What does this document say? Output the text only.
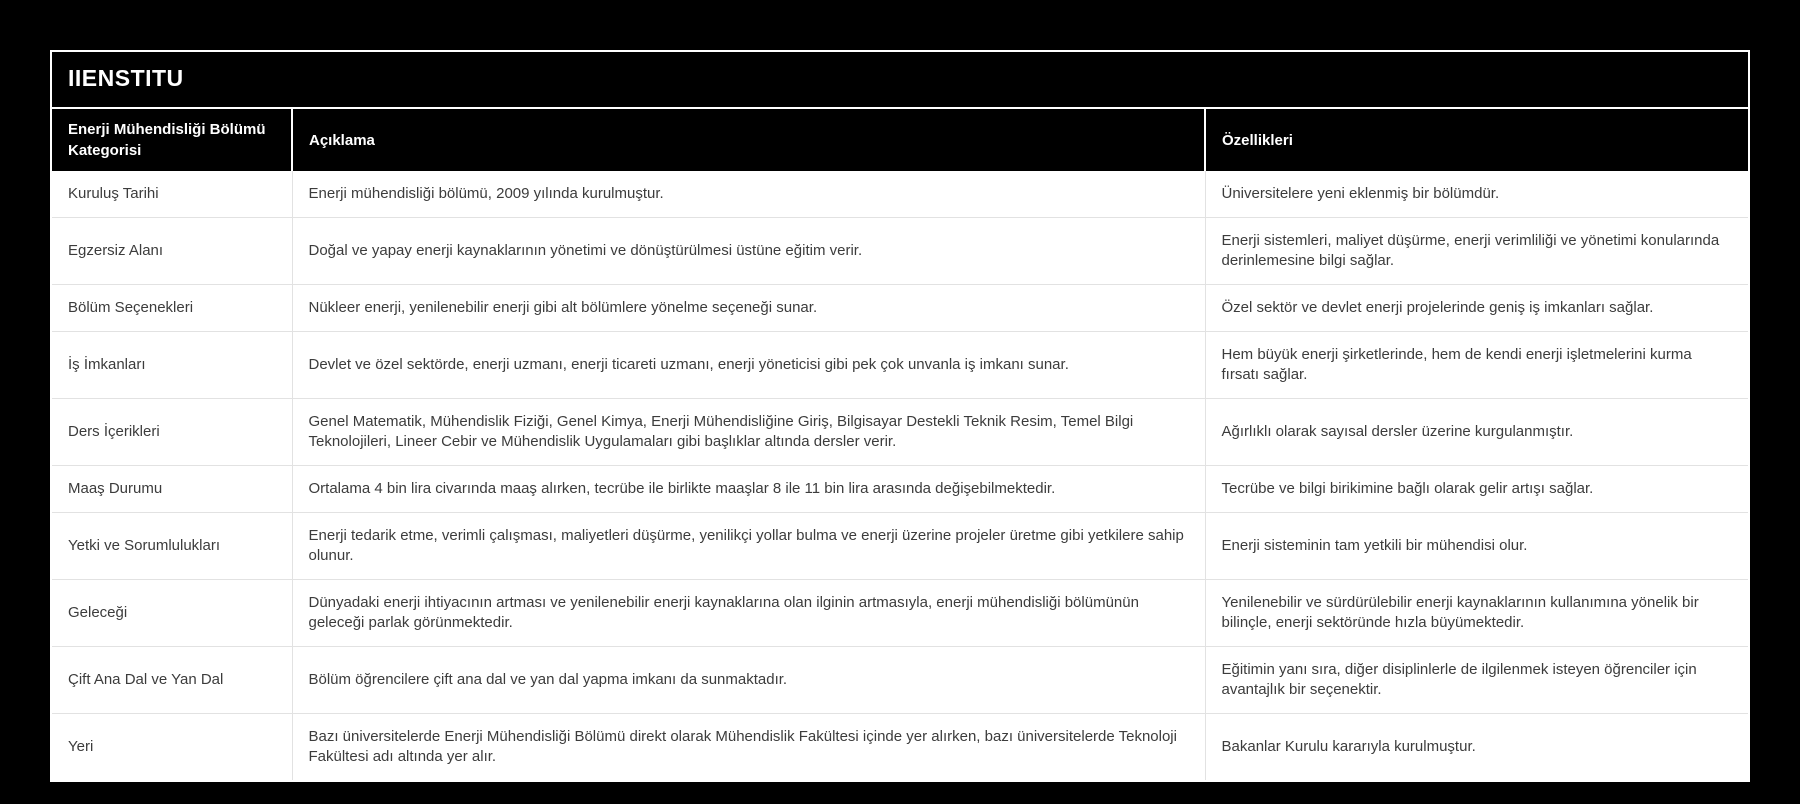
IIENSTITU
Enerji Mühendisliği Bölümü Kategorisi	Açıklama	Özellikleri
Kuruluş Tarihi	Enerji mühendisliği bölümü, 2009 yılında kurulmuştur.	Üniversitelere yeni eklenmiş bir bölümdür.
Egzersiz Alanı	Doğal ve yapay enerji kaynaklarının yönetimi ve dönüştürülmesi üstüne eğitim verir.	Enerji sistemleri, maliyet düşürme, enerji verimliliği ve yönetimi konularında derinlemesine bilgi sağlar.
Bölüm Seçenekleri	Nükleer enerji, yenilenebilir enerji gibi alt bölümlere yönelme seçeneği sunar.	Özel sektör ve devlet enerji projelerinde geniş iş imkanları sağlar.
İş İmkanları	Devlet ve özel sektörde, enerji uzmanı, enerji ticareti uzmanı, enerji yöneticisi gibi pek çok unvanla iş imkanı sunar.	Hem büyük enerji şirketlerinde, hem de kendi enerji işletmelerini kurma fırsatı sağlar.
Ders İçerikleri	Genel Matematik, Mühendislik Fiziği, Genel Kimya, Enerji Mühendisliğine Giriş, Bilgisayar Destekli Teknik Resim, Temel Bilgi Teknolojileri, Lineer Cebir ve Mühendislik Uygulamaları gibi başlıklar altında dersler verir.	Ağırlıklı olarak sayısal dersler üzerine kurgulanmıştır.
Maaş Durumu	Ortalama 4 bin lira civarında maaş alırken, tecrübe ile birlikte maaşlar 8 ile 11 bin lira arasında değişebilmektedir.	Tecrübe ve bilgi birikimine bağlı olarak gelir artışı sağlar.
Yetki ve Sorumlulukları	Enerji tedarik etme, verimli çalışması, maliyetleri düşürme, yenilikçi yollar bulma ve enerji üzerine projeler üretme gibi yetkilere sahip olunur.	Enerji sisteminin tam yetkili bir mühendisi olur.
Geleceği	Dünyadaki enerji ihtiyacının artması ve yenilenebilir enerji kaynaklarına olan ilginin artmasıyla, enerji mühendisliği bölümünün geleceği parlak görünmektedir.	Yenilenebilir ve sürdürülebilir enerji kaynaklarının kullanımına yönelik bir bilinçle, enerji sektöründe hızla büyümektedir.
Çift Ana Dal ve Yan Dal	Bölüm öğrencilere çift ana dal ve yan dal yapma imkanı da sunmaktadır.	Eğitimin yanı sıra, diğer disiplinlerle de ilgilenmek isteyen öğrenciler için avantajlık bir seçenektir.
Yeri	Bazı üniversitelerde Enerji Mühendisliği Bölümü direkt olarak Mühendislik Fakültesi içinde yer alırken, bazı üniversitelerde Teknoloji Fakültesi adı altında yer alır.	Bakanlar Kurulu kararıyla kurulmuştur.
